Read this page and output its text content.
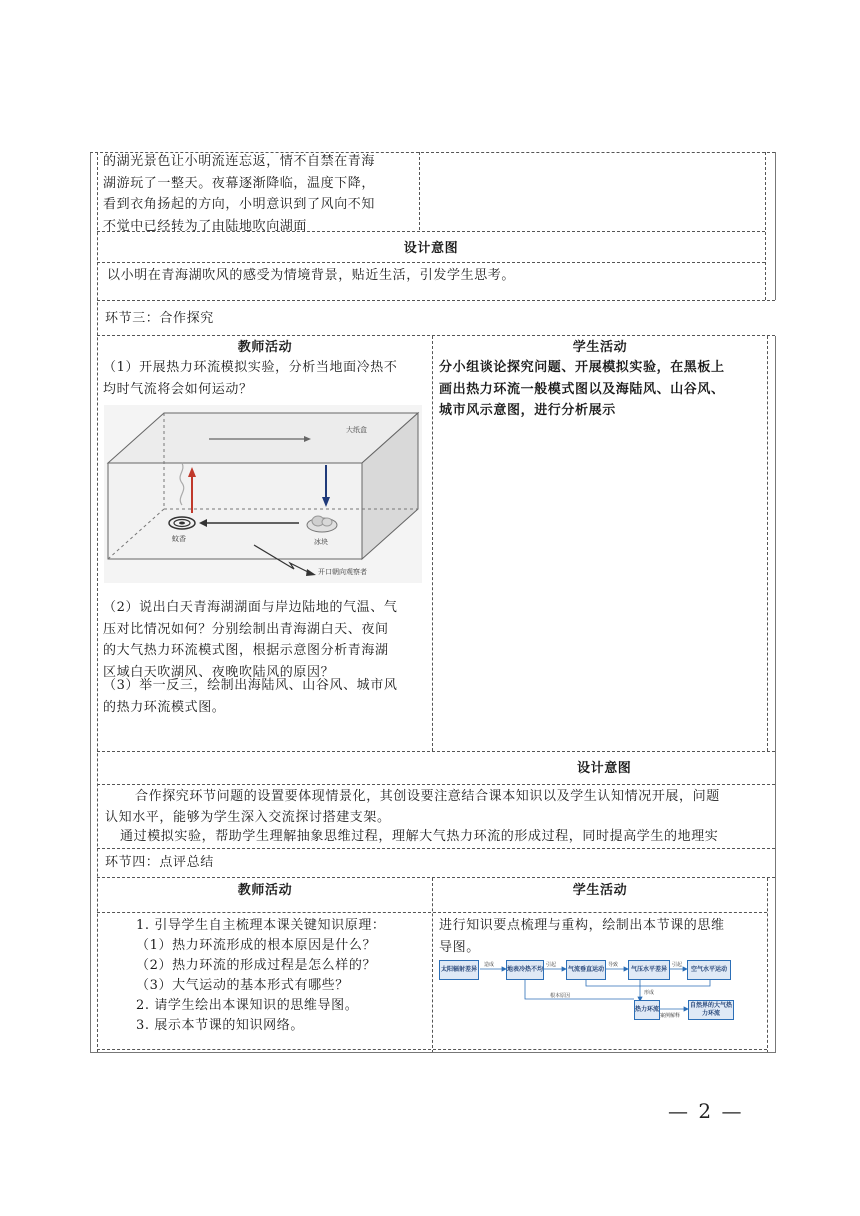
的湖光景色让小明流连忘返，情不自禁在青海
湖游玩了一整天。夜幕逐渐降临，温度下降，
看到衣角扬起的方向，小明意识到了风向不知
不觉中已经转为了由陆地吹向湖面
设计意图
以小明在青海湖吹风的感受为情境背景，贴近生活，引发学生思考。
环节三：合作探究
教师活动	学生活动
（1）开展热力环流模拟实验，分析当地面冷热不
均时气流将会如何运动？
分小组谈论探究问题、开展模拟实验，在黑板上
画出热力环流一般模式图以及海陆风、山谷风、
城市风示意图，进行分析展示
大纸盒
蚊香	冰块
开口朝向观察者
（2）说出白天青海湖湖面与岸边陆地的气温、气
压对比情况如何？分别绘制出青海湖白天、夜间
的大气热力环流模式图，根据示意图分析青海湖
区域白天吹湖风、夜晚吹陆风的原因？
（3）举一反三，绘制出海陆风、山谷风、城市风
的热力环流模式图。
设计意图
合作探究环节问题的设置要体现情景化，其创设要注意结合课本知识以及学生认知情况开展，问题
认知水平，能够为学生深入交流探讨搭建支架。
通过模拟实验，帮助学生理解抽象思维过程，理解大气热力环流的形成过程，同时提高学生的地理实
环节四：点评总结
教师活动	学生活动
1. 引导学生自主梳理本课关键知识原理：
（1）热力环流形成的根本原因是什么？
（2）热力环流的形成过程是怎么样的？
（3）大气运动的基本形式有哪些？
2. 请学生绘出本课知识的思维导图。
3. 展示本节课的知识网络。
进行知识要点梳理与重构，绘制出本节课的思维
导图。
太阳辐射差异	地表冷热不均	气流垂直运动	气压水平差异	空气水平运动
热力环流
自然界的大气热力环流
造成	引起	导致	引起
形成
根本原因
案例解释
— 2 —
